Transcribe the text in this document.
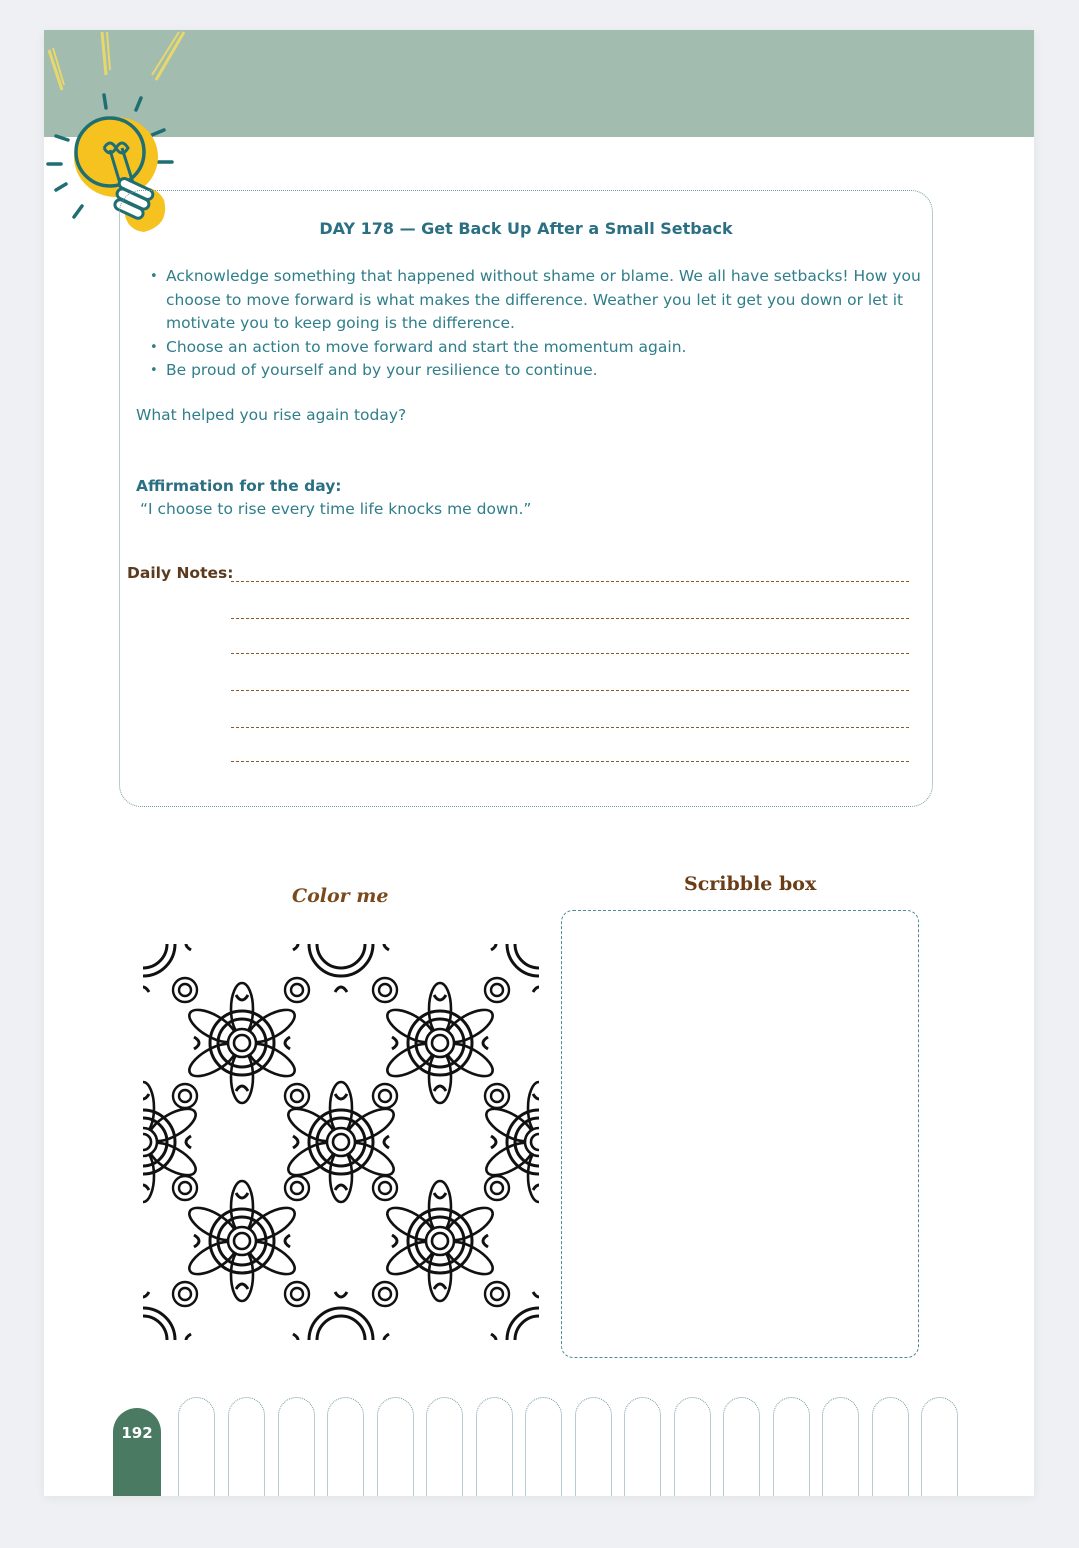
DAY 178 — Get Back Up After a Small Setback
• Acknowledge something that happened without shame or blame. We all have setbacks! How you choose to move forward is what makes the difference. Weather you let it get you down or let it motivate you to keep going is the difference.
• Choose an action to move forward and start the momentum again.
• Be proud of yourself and by your resilience to continue.
What helped you rise again today?
Affirmation for the day:
“I choose to rise every time life knocks me down.”
Daily Notes:
Color me
Scribble box
192
